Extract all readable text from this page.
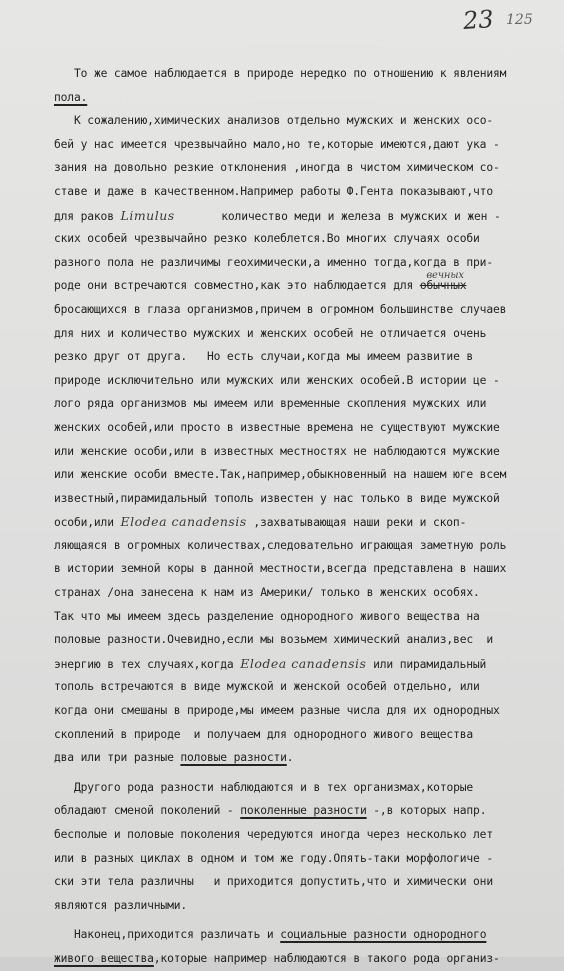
23 125
То же самое наблюдается в природе нередко по отношению к явлениям
пола.
К сожалению,химических анализов отдельно мужских и женских осо-
бей у нас имеется чрезвычайно мало,но те,которые имеются,дают ука -
зания на довольно резкие отклонения ,иногда в чистом химическом со-
ставе и даже в качественном.Например работы Ф.Гента показывают,что
для раков Limulus       количество меди и железа в мужских и жен -
ских особей чрезвычайно резко колеблется.Во многих случаях особи
разного пола не различимы геохимически,а именно тогда,когда в при-
роде они встречаются совместно,как это наблюдается для обычныхвечных
бросающихся в глаза организмов,причем в огромном большинстве случаев
для них и количество мужских и женских особей не отличается очень
резко друг от друга.   Но есть случаи,когда мы имеем развитие в
природе исключительно или мужских или женских особей.В истории це -
лого ряда организмов мы имеем или временные скопления мужских или
женских особей,или просто в известные времена не существуют мужские
или женские особи,или в известных местностях не наблюдаются мужские
или женские особи вместе.Так,например,обыкновенный на нашем юге всем
известный,пирамидальный тополь известен у нас только в виде мужской
особи,или Elodea canadensis ,захватывающая наши реки и скоп-
ляющаяся в огромных количествах,следовательно играющая заметную роль
в истории земной коры в данной местности,всегда представлена в наших
странах /она занесена к нам из Америки/ только в женских особях.
Так что мы имеем здесь разделение однородного живого вещества на
половые разности.Очевидно,если мы возьмем химический анализ,вес  и
энергию в тех случаях,когда Elodea canadensis или пирамидальный
тополь встречаются в виде мужской и женской особей отдельно, или
когда они смешаны в природе,мы имеем разные числа для их однородных
скоплений в природе  и получаем для однородного живого вещества
два или три разные половые разности.
Другого рода разности наблюдаются и в тех организмах,которые
обладают сменой поколений - поколенные разности -,в которых напр.
бесполые и половые поколения чередуются иногда через несколько лет
или в разных циклах в одном и том же году.Опять-таки морфологиче -
ски эти тела различны   и приходится допустить,что и химически они
являются различными.
Наконец,приходится различать и социальные разности однородного
живого вещества,которые например наблюдаются в такого рода организ-
